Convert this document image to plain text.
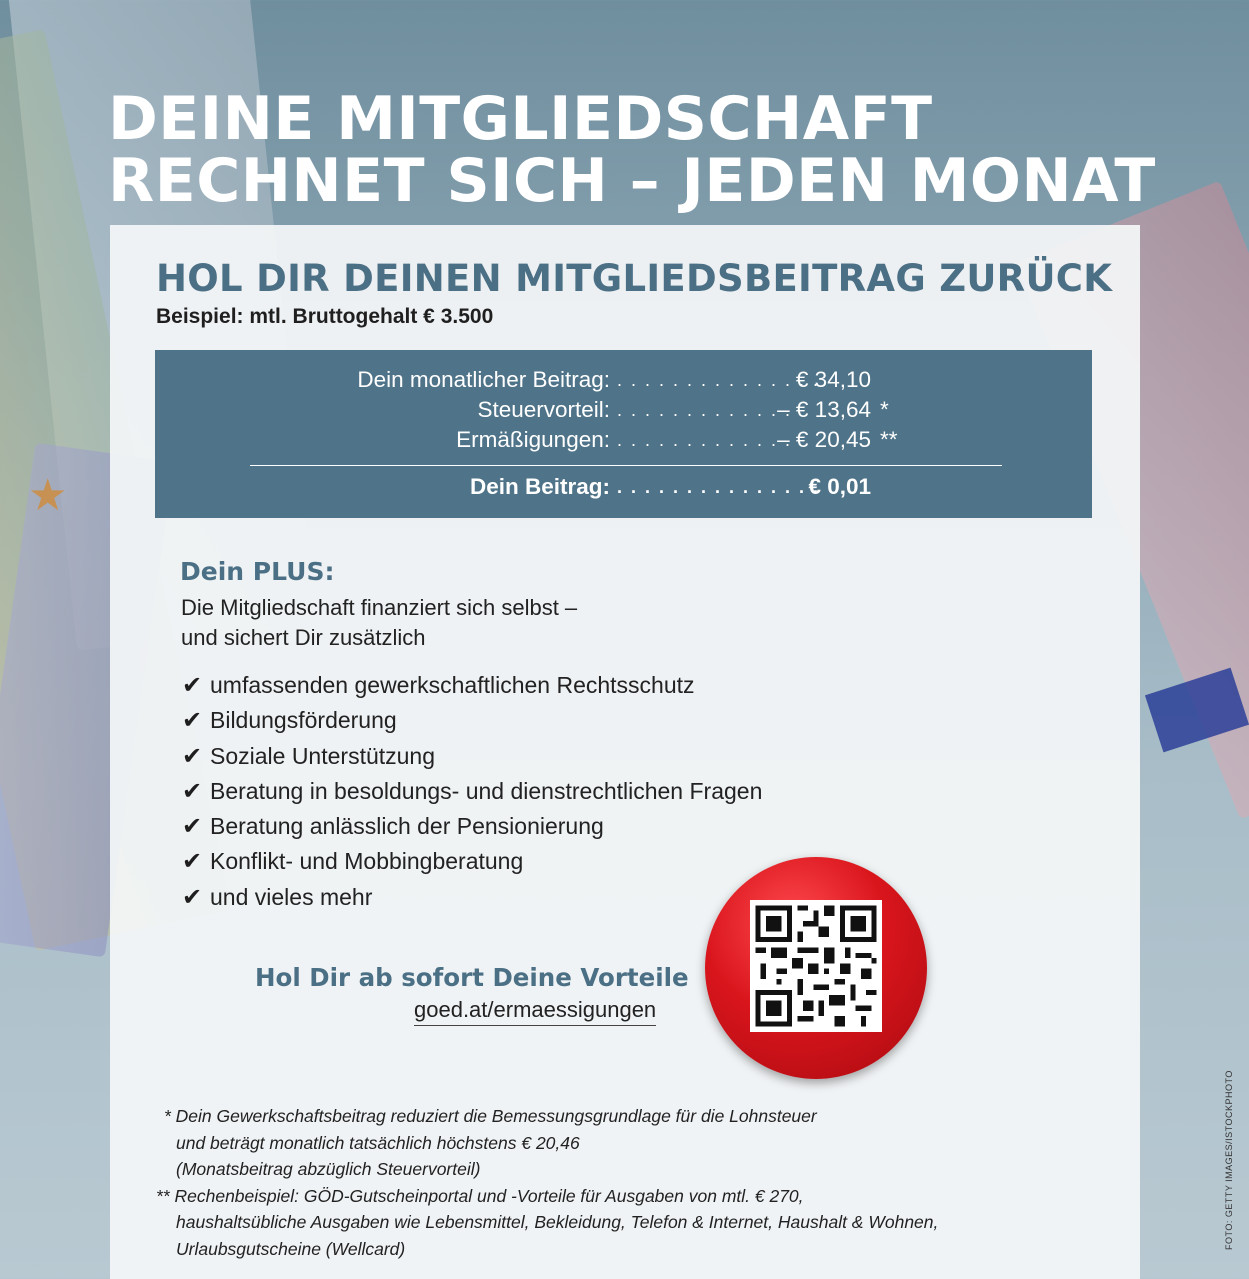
★
DEINE MITGLIEDSCHAFT
RECHNET SICH – JEDEN MONAT
HOL DIR DEINEN MITGLIEDSBEITRAG ZURÜCK
Beispiel: mtl. Bruttogehalt € 3.500
Dein monatlicher Beitrag: . . . . . . . . . . . . . . .
€ 34,10
Steuervorteil: . . . . . . . . . . . . .
– € 13,64 *
Ermäßigungen: . . . . . . . . . . . . .
– € 20,45 **
Dein Beitrag: . . . . . . . . . . . . . . .
€ 0,01
Dein PLUS:
Die Mitgliedschaft finanziert sich selbst –
und sichert Dir zusätzlich
✔ umfassenden gewerkschaftlichen Rechtsschutz
✔ Bildungsförderung
✔ Soziale Unterstützung
✔ Beratung in besoldungs- und dienstrechtlichen Fragen
✔ Beratung anlässlich der Pensionierung
✔ Konflikt- und Mobbingberatung
✔ und vieles mehr
Hol Dir ab sofort Deine Vorteile
goed.at/ermaessigungen
* Dein Gewerkschaftsbeitrag reduziert die Bemessungsgrundlage für die Lohnsteuer
und beträgt monatlich tatsächlich höchstens € 20,46
(Monatsbeitrag abzüglich Steuervorteil)
** Rechenbeispiel: GÖD-Gutscheinportal und -Vorteile für Ausgaben von mtl. € 270,
haushaltsübliche Ausgaben wie Lebensmittel, Bekleidung, Telefon & Internet, Haushalt & Wohnen,
Urlaubsgutscheine (Wellcard)	FOTO: GETTY IMAGES/ISTOCKPHOTO
